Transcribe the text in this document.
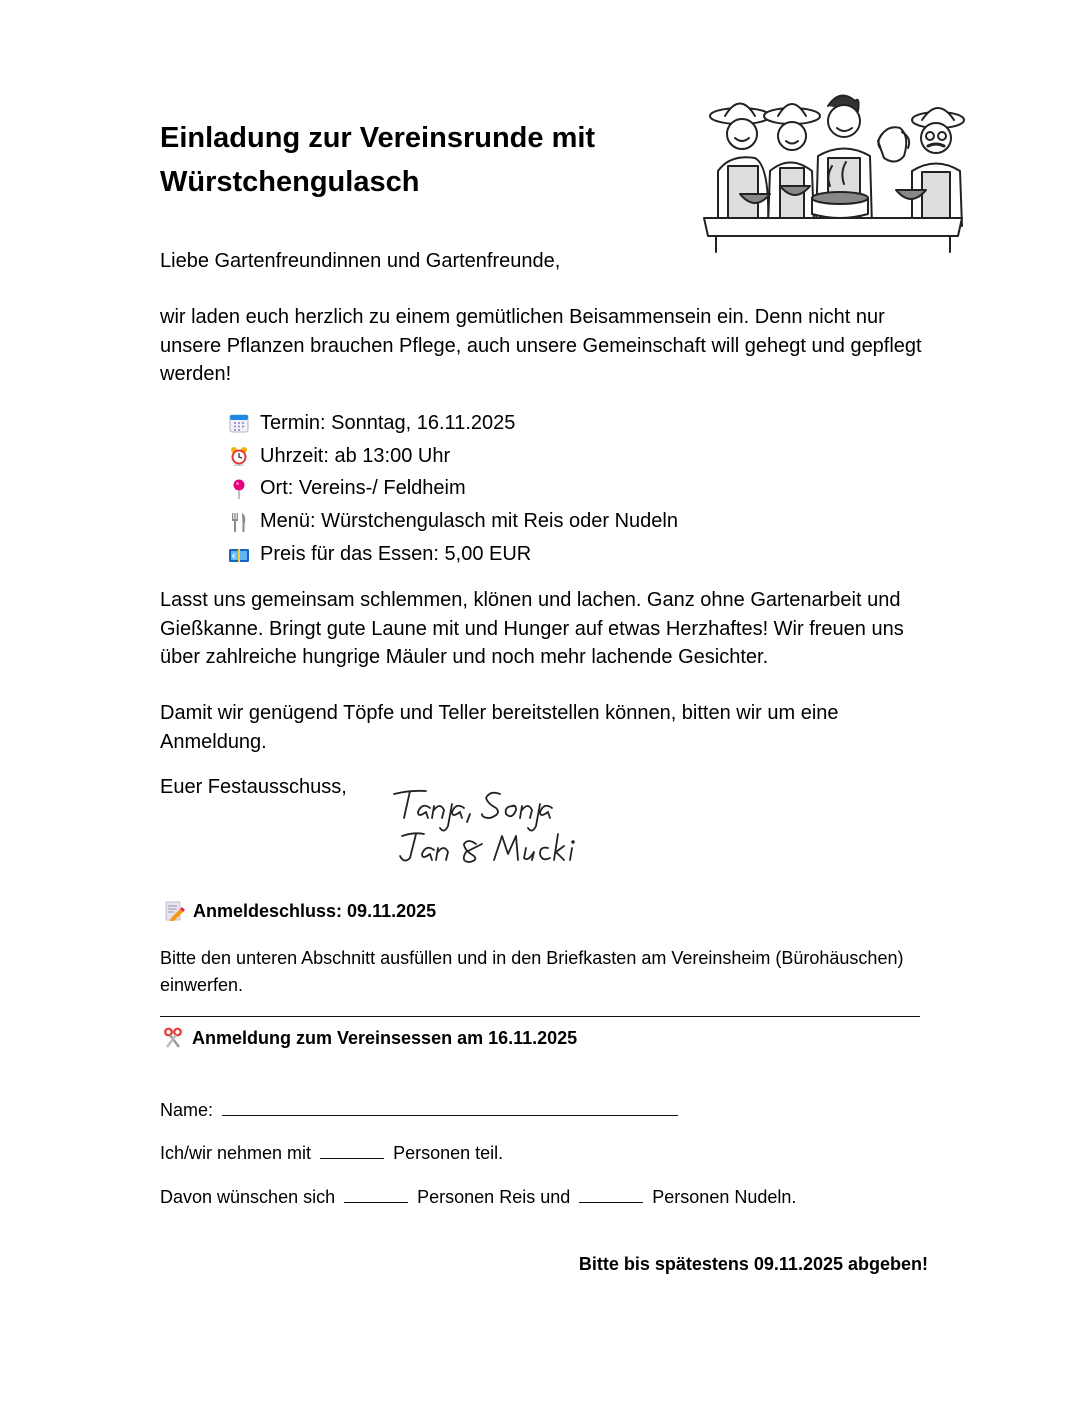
Einladung zur Vereinsrunde mit Würstchengulasch
Liebe Gartenfreundinnen und Gartenfreunde,

wir laden euch herzlich zu einem gemütlichen Beisammensein ein. Denn nicht nur unsere Pflanzen brauchen Pflege, auch unsere Gemeinschaft will gehegt und gepflegt werden!

Termin: Sonntag, 16.11.2025
Uhrzeit: ab 13:00 Uhr
Ort: Vereins-/ Feldheim
Menü: Würstchengulasch mit Reis oder Nudeln
€ Preis für das Essen: 5,00 EUR

Lasst uns gemeinsam schlemmen, klönen und lachen. Ganz ohne Gartenarbeit und Gießkanne. Bringt gute Laune mit und Hunger auf etwas Herzhaftes! Wir freuen uns über zahlreiche hungrige Mäuler und noch mehr lachende Gesichter.

Damit wir genügend Töpfe und Teller bereitstellen können, bitten wir um eine Anmeldung.

Euer Festausschuss,
Anmeldeschluss: 09.11.2025

Bitte den unteren Abschnitt ausfüllen und in den Briefkasten am Vereinsheim (Bürohäuschen) einwerfen.

Anmeldung zum Vereinsessen am 16.11.2025
Name:
Ich/wir nehmen mit	Personen teil.
Davon wünschen sich	Personen Reis und	Personen Nudeln.
Bitte bis spätestens 09.11.2025 abgeben!
